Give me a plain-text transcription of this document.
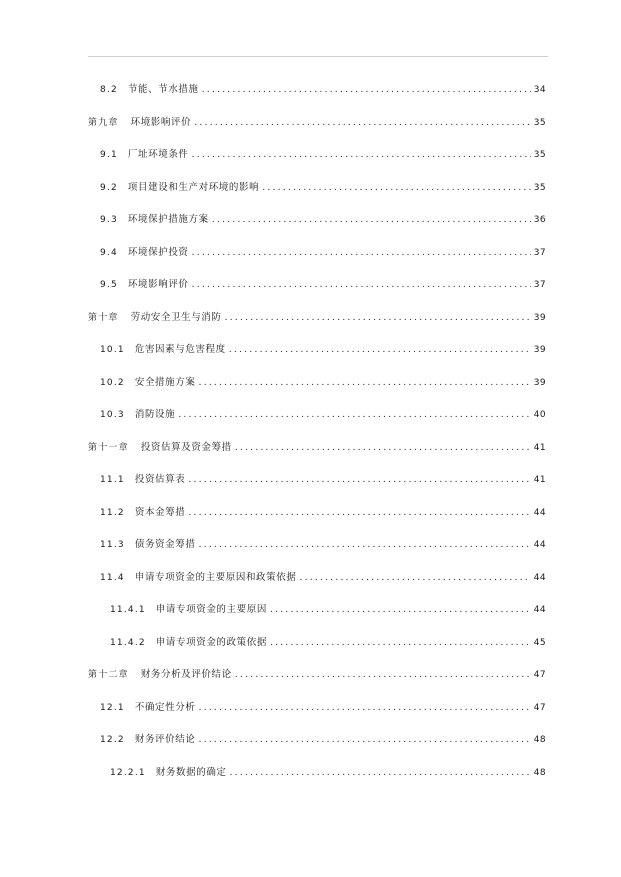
8.2 节能、节水措施 .....	34
第九章 环境影响评价 .....	35
9.1 厂址环境条件 .....	35
9.2 项目建设和生产对环境的影响 .....	35
9.3 环境保护措施方案 .....	36
9.4 环境保护投资 .....	37
9.5 环境影响评价 .....	37
第十章 劳动安全卫生与消防 .....	39
10.1 危害因素与危害程度 .....	39
10.2 安全措施方案 .....	39
10.3 消防设施 .....	40
第十一章 投资估算及资金筹措 .....	41
11.1 投资估算表 .....	41
11.2 资本金筹措 .....	44
11.3 债务资金筹措 .....	44
11.4 申请专项资金的主要原因和政策依据 .....	44
11.4.1 申请专项资金的主要原因 .....	44
11.4.2 申请专项资金的政策依据 .....	45
第十二章 财务分析及评价结论 .....	47
12.1 不确定性分析 .....	47
12.2 财务评价结论 .....	48
12.2.1 财务数据的确定 .....	48
